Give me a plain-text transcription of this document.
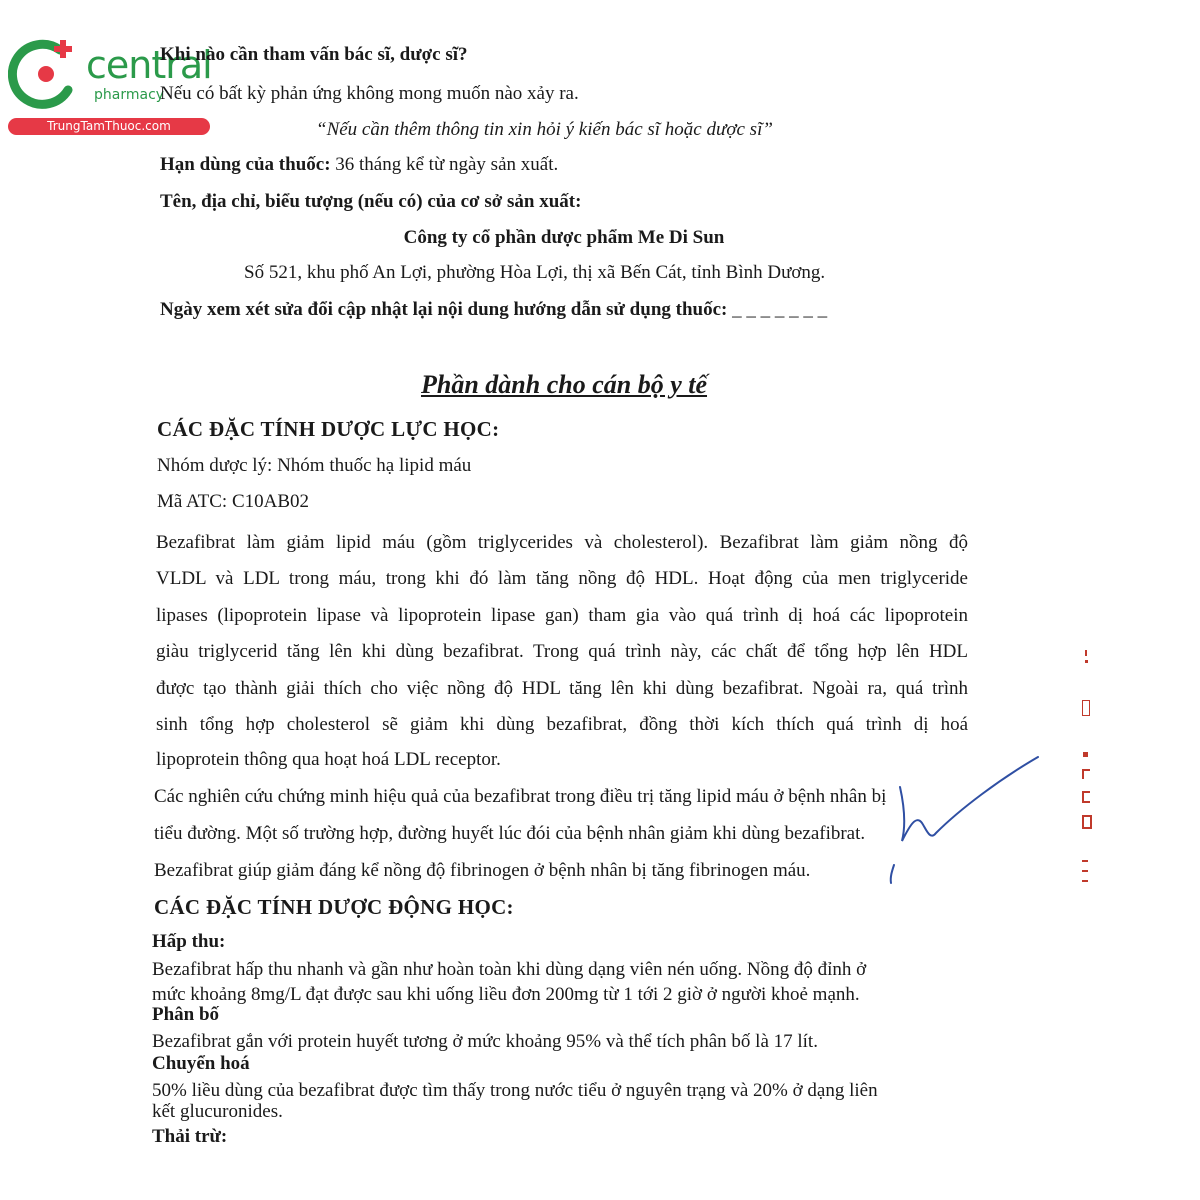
central
pharmacy
TrungTamThuoc.com
Khi nào cần tham vấn bác sĩ, dược sĩ?
Nếu có bất kỳ phản ứng không mong muốn nào xảy ra.
“Nếu cần thêm thông tin xin hỏi ý kiến bác sĩ hoặc dược sĩ”
Hạn dùng của thuốc: 36 tháng kể từ ngày sản xuất.
Tên, địa chỉ, biểu tượng (nếu có) của cơ sở sản xuất:
Công ty cổ phần dược phẩm Me Di Sun
Số 521, khu phố An Lợi, phường Hòa Lợi, thị xã Bến Cát, tỉnh Bình Dương.
Ngày xem xét sửa đổi cập nhật lại nội dung hướng dẫn sử dụng thuốc: _ _ _ _ _ _ _
Phần dành cho cán bộ y tế
CÁC ĐẶC TÍNH DƯỢC LỰC HỌC:
Nhóm dược lý: Nhóm thuốc hạ lipid máu
Mã ATC: C10AB02
Bezafibrat làm giảm lipid máu (gồm triglycerides và cholesterol). Bezafibrat làm giảm nồng độ
VLDL và LDL trong máu, trong khi đó làm tăng nồng độ HDL. Hoạt động của men triglyceride
lipases (lipoprotein lipase và lipoprotein lipase gan) tham gia vào quá trình dị hoá các lipoprotein
giàu triglycerid tăng lên khi dùng bezafibrat. Trong quá trình này, các chất để tổng hợp lên HDL
được tạo thành giải thích cho việc nồng độ HDL tăng lên khi dùng bezafibrat. Ngoài ra, quá trình
sinh tổng hợp cholesterol sẽ giảm khi dùng bezafibrat, đồng thời kích thích quá trình dị hoá
lipoprotein thông qua hoạt hoá LDL receptor.
Các nghiên cứu chứng minh hiệu quả của bezafibrat trong điều trị tăng lipid máu ở bệnh nhân bị
tiểu đường. Một số trường hợp, đường huyết lúc đói của bệnh nhân giảm khi dùng bezafibrat.
Bezafibrat giúp giảm đáng kể nồng độ fibrinogen ở bệnh nhân bị tăng fibrinogen máu.
CÁC ĐẶC TÍNH DƯỢC ĐỘNG HỌC:
Hấp thu:
Bezafibrat hấp thu nhanh và gần như hoàn toàn khi dùng dạng viên nén uống. Nồng độ đỉnh ở
mức khoảng 8mg/L đạt được sau khi uống liều đơn 200mg từ 1 tới 2 giờ ở người khoẻ mạnh.
Phân bố
Bezafibrat gắn với protein huyết tương ở mức khoảng 95% và thể tích phân bố là 17 lít.
Chuyển hoá
50% liều dùng của bezafibrat được tìm thấy trong nước tiểu ở nguyên trạng và 20% ở dạng liên
kết glucuronides.
Thải trừ:
